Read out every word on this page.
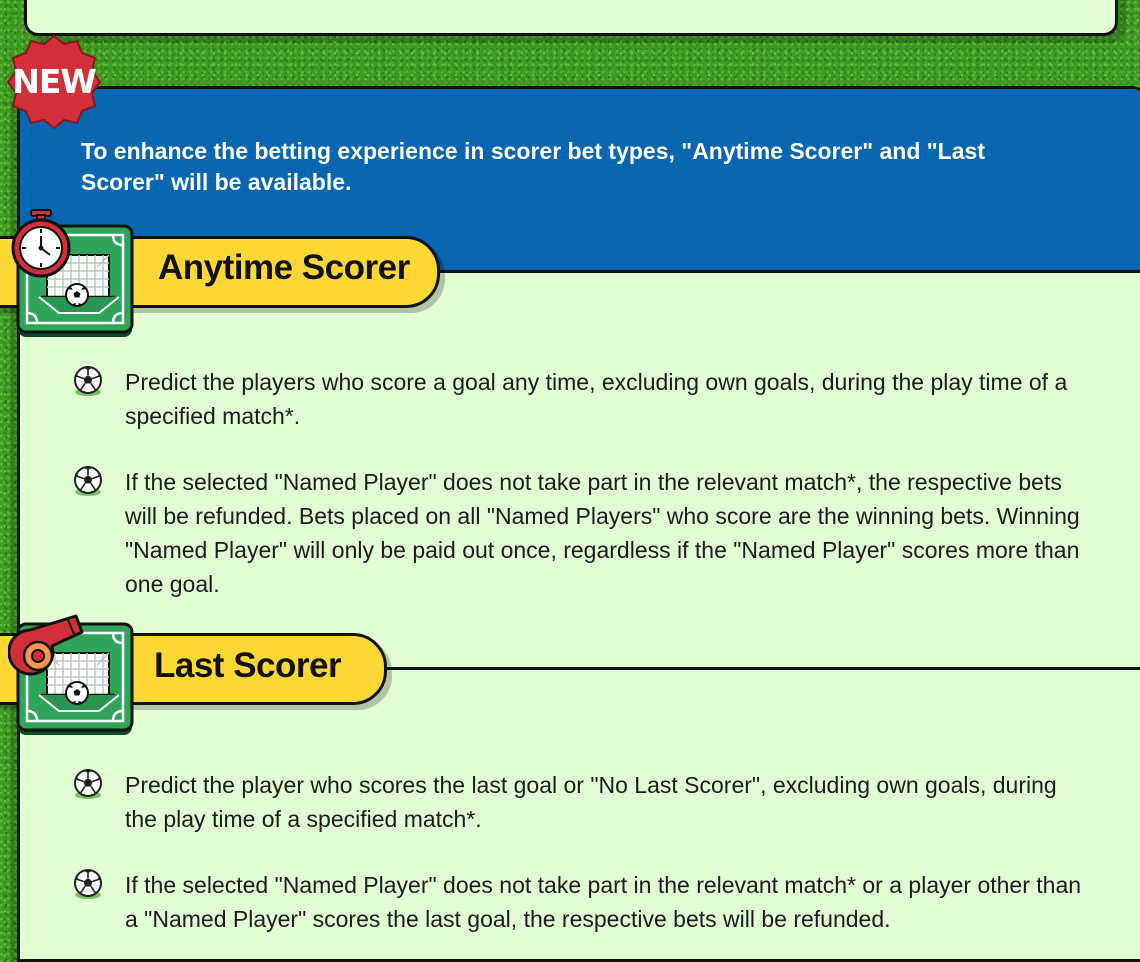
To enhance the betting experience in scorer bet types, "Anytime Scorer" and "Last Scorer" will be available.
Predict the players who score a goal any time, excluding own goals, during the play time of a specified match*.
If the selected "Named Player" does not take part in the relevant match*, the respective bets will be refunded. Bets placed on all "Named Players" who score are the winning bets. Winning "Named Player" will only be paid out once, regardless if the "Named Player" scores more than one goal.
Predict the player who scores the last goal or "No Last Scorer", excluding own goals, during the play time of a specified match*.
If the selected "Named Player" does not take part in the relevant match* or a player other than a "Named Player" scores the last goal, the respective bets will be refunded.
NEW
Anytime Scorer
Last Scorer
